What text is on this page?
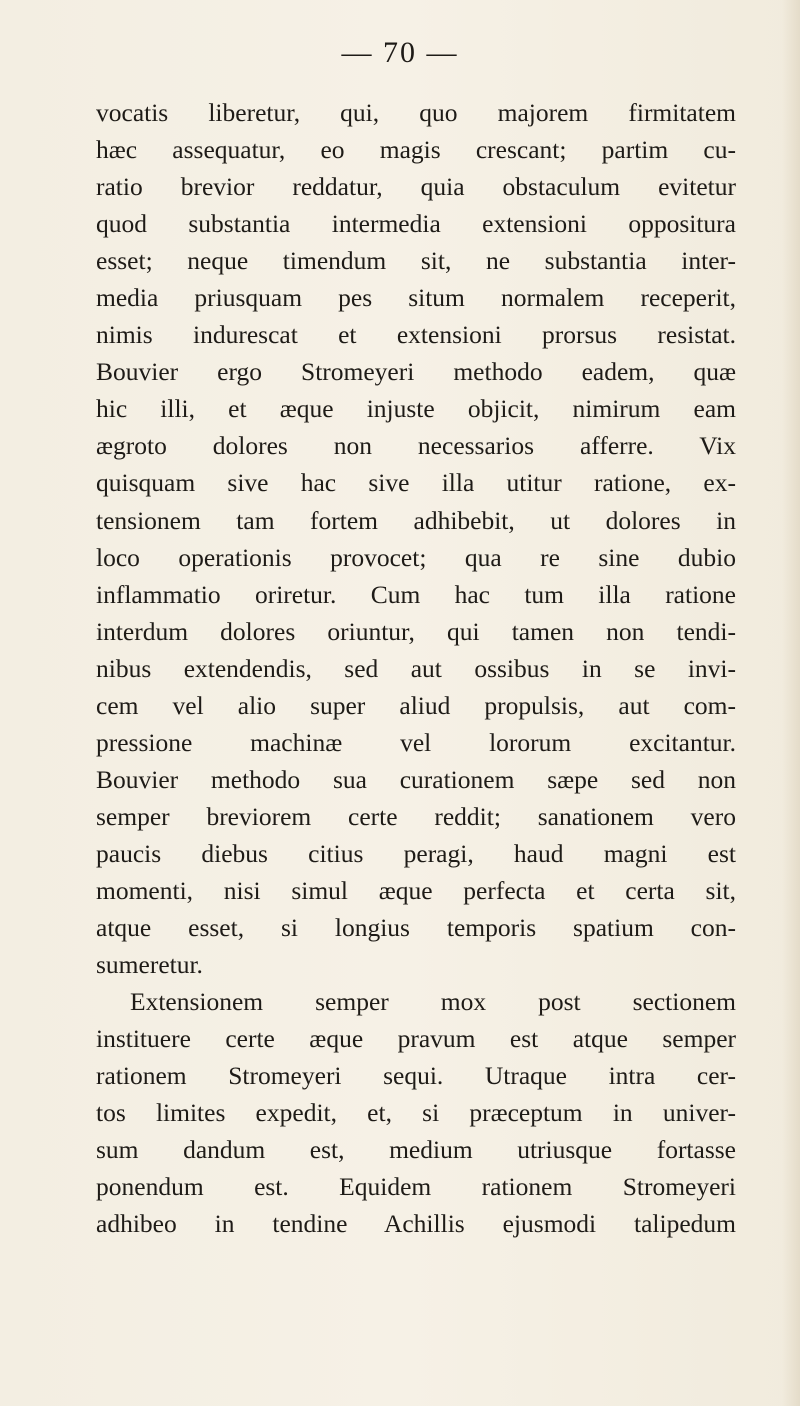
— 70 —

vocatis liberetur, qui, quo majorem firmitatem
hæc assequatur, eo magis crescant; partim cu-
ratio brevior reddatur, quia obstaculum evitetur
quod substantia intermedia extensioni oppositura
esset; neque timendum sit, ne substantia inter-
media priusquam pes situm normalem receperit,
nimis indurescat et extensioni prorsus resistat.
Bouvier ergo Stromeyeri methodo eadem, quæ
hic illi, et æque injuste objicit, nimirum eam
ægroto dolores non necessarios afferre. Vix
quisquam sive hac sive illa utitur ratione, ex-
tensionem tam fortem adhibebit, ut dolores in
loco operationis provocet; qua re sine dubio
inflammatio oriretur. Cum hac tum illa ratione
interdum dolores oriuntur, qui tamen non tendi-
nibus extendendis, sed aut ossibus in se invi-
cem vel alio super aliud propulsis, aut com-
pressione machinæ vel lororum excitantur.
Bouvier methodo sua curationem sæpe sed non
semper breviorem certe reddit; sanationem vero
paucis diebus citius peragi, haud magni est
momenti, nisi simul æque perfecta et certa sit,
atque esset, si longius temporis spatium con-
sumeretur.
Extensionem semper mox post sectionem
instituere certe æque pravum est atque semper
rationem Stromeyeri sequi. Utraque intra cer-
tos limites expedit, et, si præceptum in univer-
sum dandum est, medium utriusque fortasse
ponendum est. Equidem rationem Stromeyeri
adhibeo in tendine Achillis ejusmodi talipedum
